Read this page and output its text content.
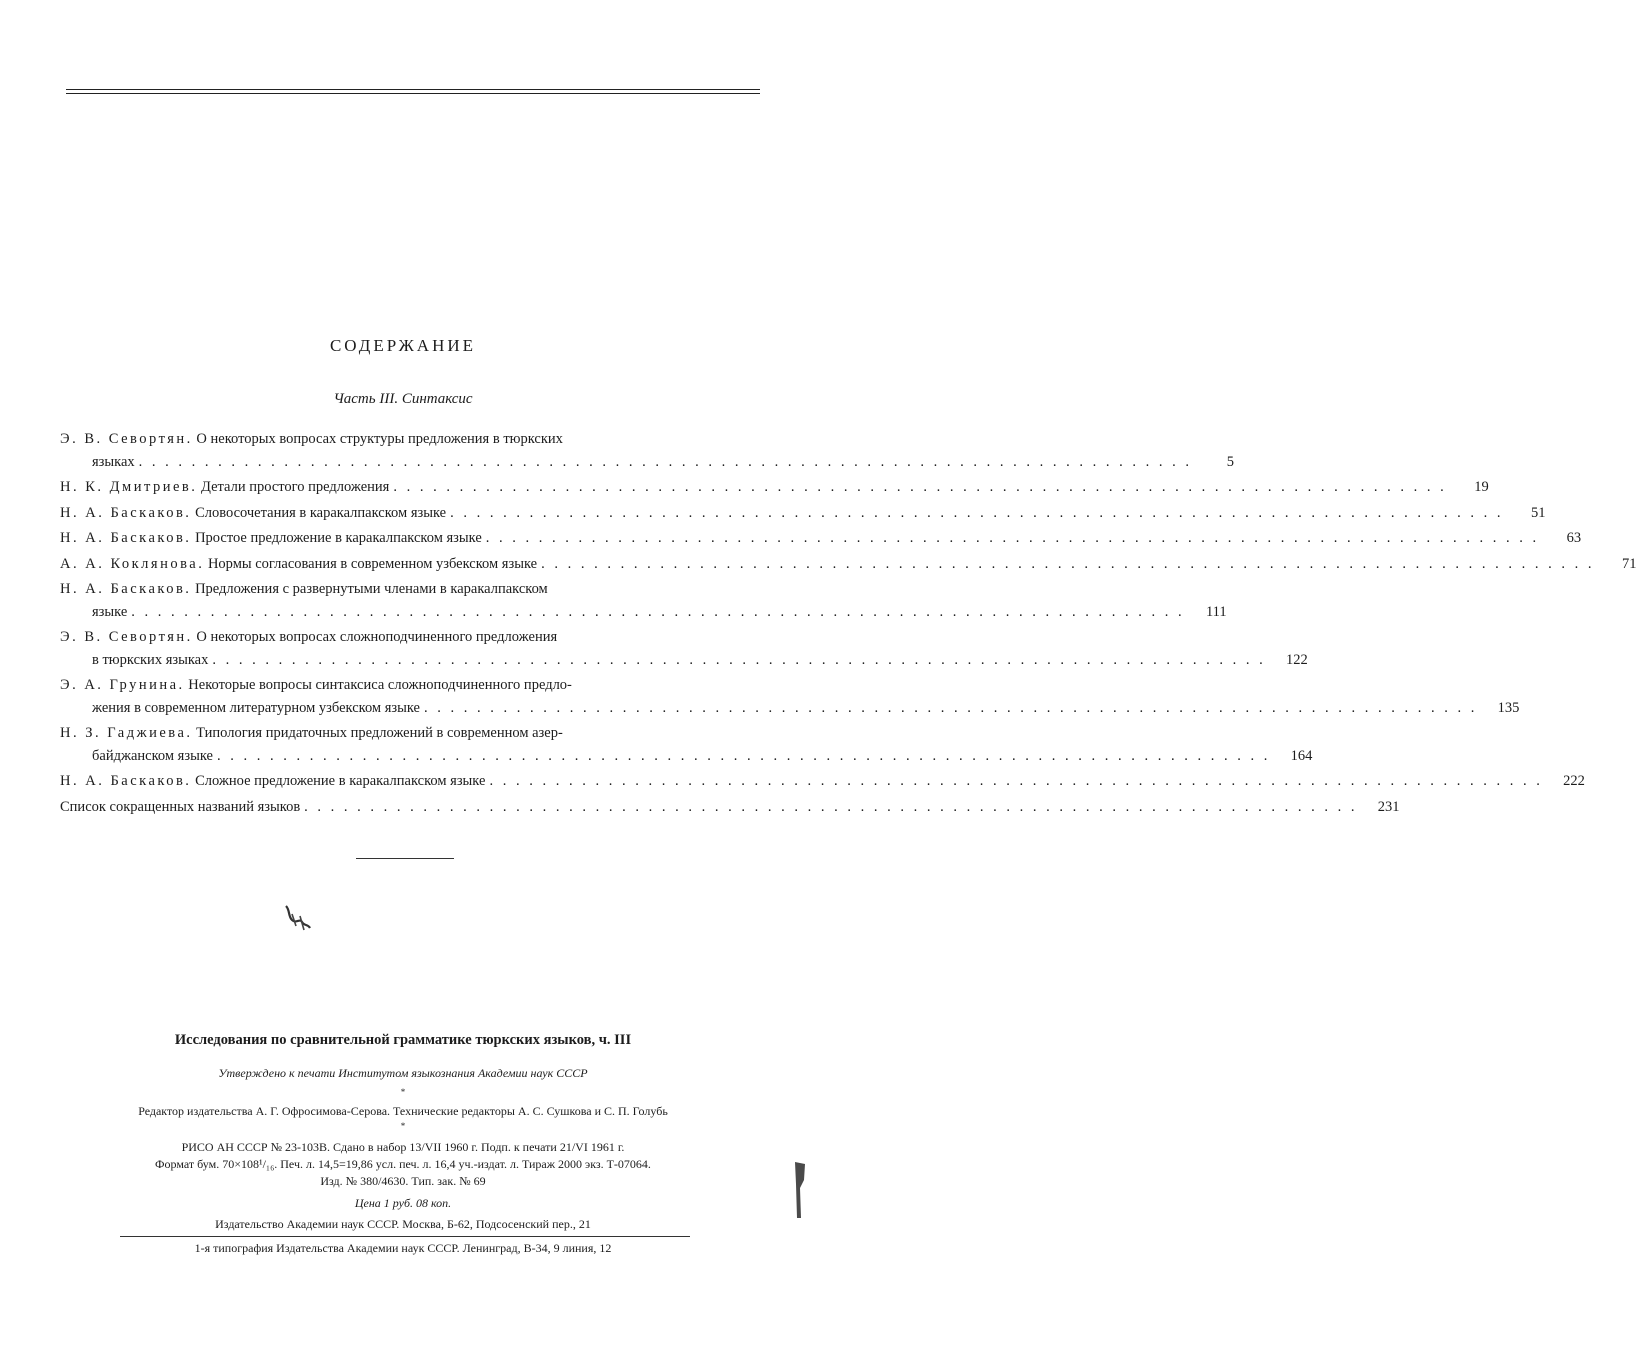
СОДЕРЖАНИЕ
Часть III. Синтаксис
Э. В. Севортян. О некоторых вопросах структуры предложения в тюркских
языках . . . . . . . . . . . . . . . . . . . . . . . . . . . . . . . . . . . . . . . . . . . . . . . . . . . . . . . . . . . . . . . . . . . . . . . . . . . . . . . .	5
Н. К. Дмитриев. Детали простого предложения . . . . . . . . . . . . . . . . . . . . . . . . . . . . . . . . . . . . . . . . . . . . . . . . . . . . . . . . . . . . . . . . . . . . . . . . . . . . . . . .	19
Н. А. Баскаков. Словосочетания в каракалпакском языке . . . . . . . . . . . . . . . . . . . . . . . . . . . . . . . . . . . . . . . . . . . . . . . . . . . . . . . . . . . . . . . . . . . . . . . . . . . . . . . .	51
Н. А. Баскаков. Простое предложение в каракалпакском языке . . . . . . . . . . . . . . . . . . . . . . . . . . . . . . . . . . . . . . . . . . . . . . . . . . . . . . . . . . . . . . . . . . . . . . . . . . . . . . . .	63
А. А. Коклянова. Нормы согласования в современном узбекском языке . . . . . . . . . . . . . . . . . . . . . . . . . . . . . . . . . . . . . . . . . . . . . . . . . . . . . . . . . . . . . . . . . . . . . . . . . . . . . . . .	71
Н. А. Баскаков. Предложения с развернутыми членами в каракалпакском
языке . . . . . . . . . . . . . . . . . . . . . . . . . . . . . . . . . . . . . . . . . . . . . . . . . . . . . . . . . . . . . . . . . . . . . . . . . . . . . . . .	111
Э. В. Севортян. О некоторых вопросах сложноподчиненного предложения
в тюркских языках . . . . . . . . . . . . . . . . . . . . . . . . . . . . . . . . . . . . . . . . . . . . . . . . . . . . . . . . . . . . . . . . . . . . . . . . . . . . . . . .	122
Э. А. Грунина. Некоторые вопросы синтаксиса сложноподчиненного предло-
жения в современном литературном узбекском языке . . . . . . . . . . . . . . . . . . . . . . . . . . . . . . . . . . . . . . . . . . . . . . . . . . . . . . . . . . . . . . . . . . . . . . . . . . . . . . . .	135
Н. З. Гаджиева. Типология придаточных предложений в современном азер-
байджанском языке . . . . . . . . . . . . . . . . . . . . . . . . . . . . . . . . . . . . . . . . . . . . . . . . . . . . . . . . . . . . . . . . . . . . . . . . . . . . . . . .	164
Н. А. Баскаков. Сложное предложение в каракалпакском языке . . . . . . . . . . . . . . . . . . . . . . . . . . . . . . . . . . . . . . . . . . . . . . . . . . . . . . . . . . . . . . . . . . . . . . . . . . . . . . . .	222
Список сокращенных названий языков . . . . . . . . . . . . . . . . . . . . . . . . . . . . . . . . . . . . . . . . . . . . . . . . . . . . . . . . . . . . . . . . . . . . . . . . . . . . . . . .	231
Исследования по сравнительной грамматике тюркских языков, ч. III
Утверждено к печати Институтом языкознания Академии наук СССР
*
Редактор издательства А. Г. Офросимова-Серова. Технические редакторы А. С. Сушкова и С. П. Голубь
*
РИСО АН СССР № 23-103В. Сдано в набор 13/VII 1960 г. Подп. к печати 21/VI 1961 г.
Формат бум. 70×108¹/₁₆. Печ. л. 14,5=19,86 усл. печ. л. 16,4 уч.-издат. л. Тираж 2000 экз. Т-07064.
Изд. № 380/4630. Тип. зак. № 69
Цена 1 руб. 08 коп.
Издательство Академии наук СССР. Москва, Б-62, Подсосенский пер., 21
1-я типография Издательства Академии наук СССР. Ленинград, В-34, 9 линия, 12
